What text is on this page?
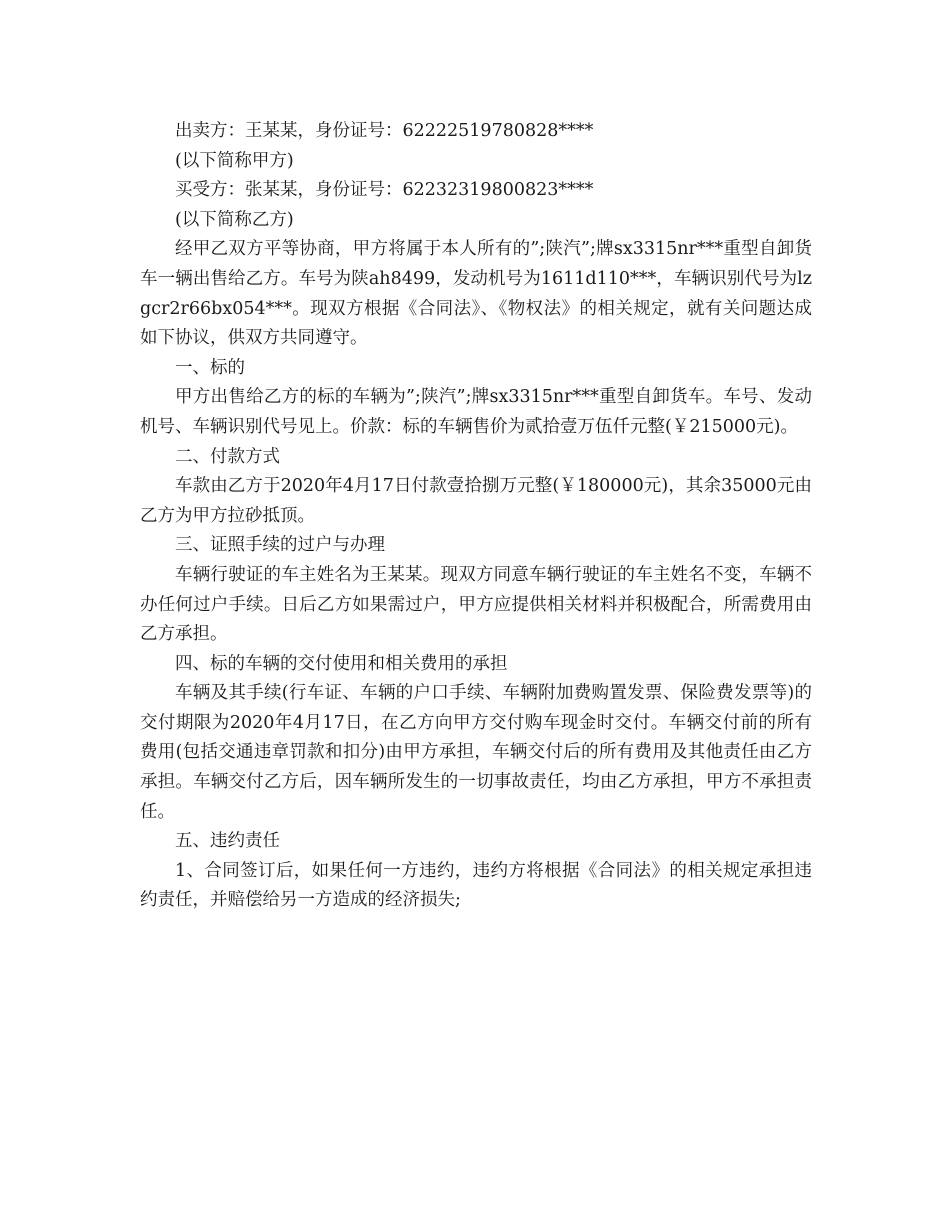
出卖方：王某某，身份证号：62222519780828****

(以下简称甲方)

买受方：张某某，身份证号：62232319800823****

(以下简称乙方)

经甲乙双方平等协商，甲方将属于本人所有的”;陕汽”;牌sx3315nr***重型自卸货车一辆出售给乙方。车号为陕ah8499，发动机号为1611d110***，车辆识别代号为lzgcr2r66bx054***。现双方根据《合同法》、《物权法》的相关规定，就有关问题达成如下协议，供双方共同遵守。

一、标的

甲方出售给乙方的标的车辆为”;陕汽”;牌sx3315nr***重型自卸货车。车号、发动机号、车辆识别代号见上。价款：标的车辆售价为贰拾壹万伍仟元整(￥215000元)。

二、付款方式

车款由乙方于2020年4月17日付款壹拾捌万元整(￥180000元)，其余35000元由乙方为甲方拉砂抵顶。

三、证照手续的过户与办理

车辆行驶证的车主姓名为王某某。现双方同意车辆行驶证的车主姓名不变，车辆不办任何过户手续。日后乙方如果需过户，甲方应提供相关材料并积极配合，所需费用由乙方承担。

四、标的车辆的交付使用和相关费用的承担

车辆及其手续(行车证、车辆的户口手续、车辆附加费购置发票、保险费发票等)的交付期限为2020年4月17日，在乙方向甲方交付购车现金时交付。车辆交付前的所有费用(包括交通违章罚款和扣分)由甲方承担，车辆交付后的所有费用及其他责任由乙方承担。车辆交付乙方后，因车辆所发生的一切事故责任，均由乙方承担，甲方不承担责任。

五、违约责任

1、合同签订后，如果任何一方违约，违约方将根据《合同法》的相关规定承担违约责任，并赔偿给另一方造成的经济损失;
